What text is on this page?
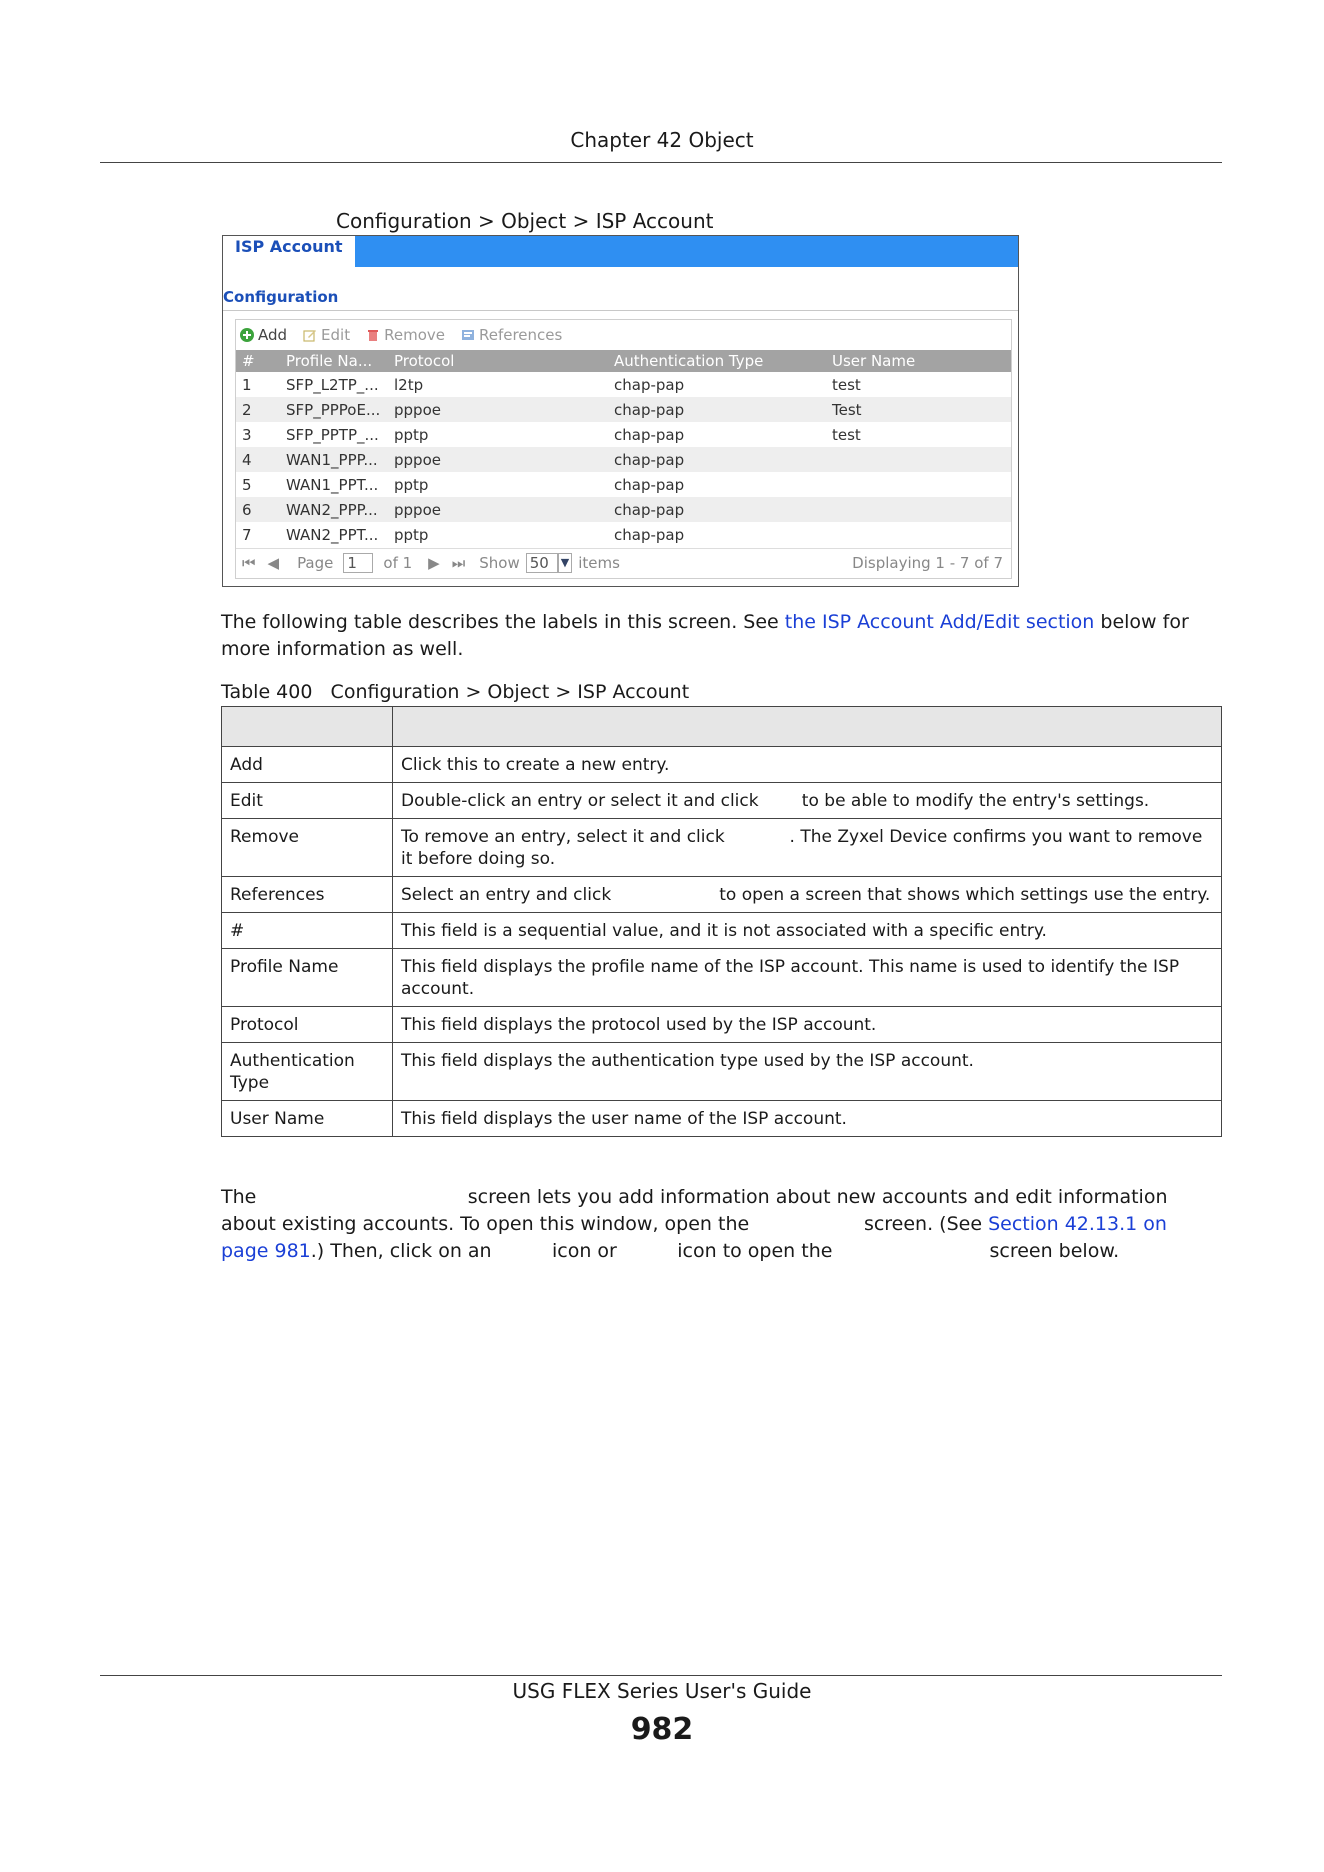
Chapter 42 Object
Configuration > Object > ISP Account
ISP Account
Configuration
Add Edit Remove References
#	Profile Na...	Protocol	Authentication Type	User Name
1	SFP_L2TP_...	l2tp	chap-pap	test
2	SFP_PPPoE...	pppoe	chap-pap	Test
3	SFP_PPTP_...	pptp	chap-pap	test
4	WAN1_PPP...	pppoe	chap-pap	
5	WAN1_PPT...	pptp	chap-pap	
6	WAN2_PPP...	pppoe	chap-pap	
7	WAN2_PPT...	pptp	chap-pap	
⏮ ◀ Page 1	of 1 ▶ ⏭ Show 50	▼ items	Displaying 1 - 7 of 7
The following table describes the labels in this screen. See the ISP Account Add/Edit section below for more information as well.
Table 400   Configuration > Object > ISP Account

Add	Click this to create a new entry.
Edit	Double-click an entry or select it and click        to be able to modify the entry's settings.
Remove	To remove an entry, select it and click            . The Zyxel Device confirms you want to remove it before doing so.
References	Select an entry and click                    to open a screen that shows which settings use the entry.
#	This field is a sequential value, and it is not associated with a specific entry.
Profile Name	This field displays the profile name of the ISP account. This name is used to identify the ISP account.
Protocol	This field displays the protocol used by the ISP account.
Authentication Type	This field displays the authentication type used by the ISP account.
User Name	This field displays the user name of the ISP account.
The                                   screen lets you add information about new accounts and edit information
about existing accounts. To open this window, open the                   screen. (See Section 42.13.1 on
page 981.) Then, click on an          icon or          icon to open the                          screen below.
USG FLEX Series User's Guide
982
